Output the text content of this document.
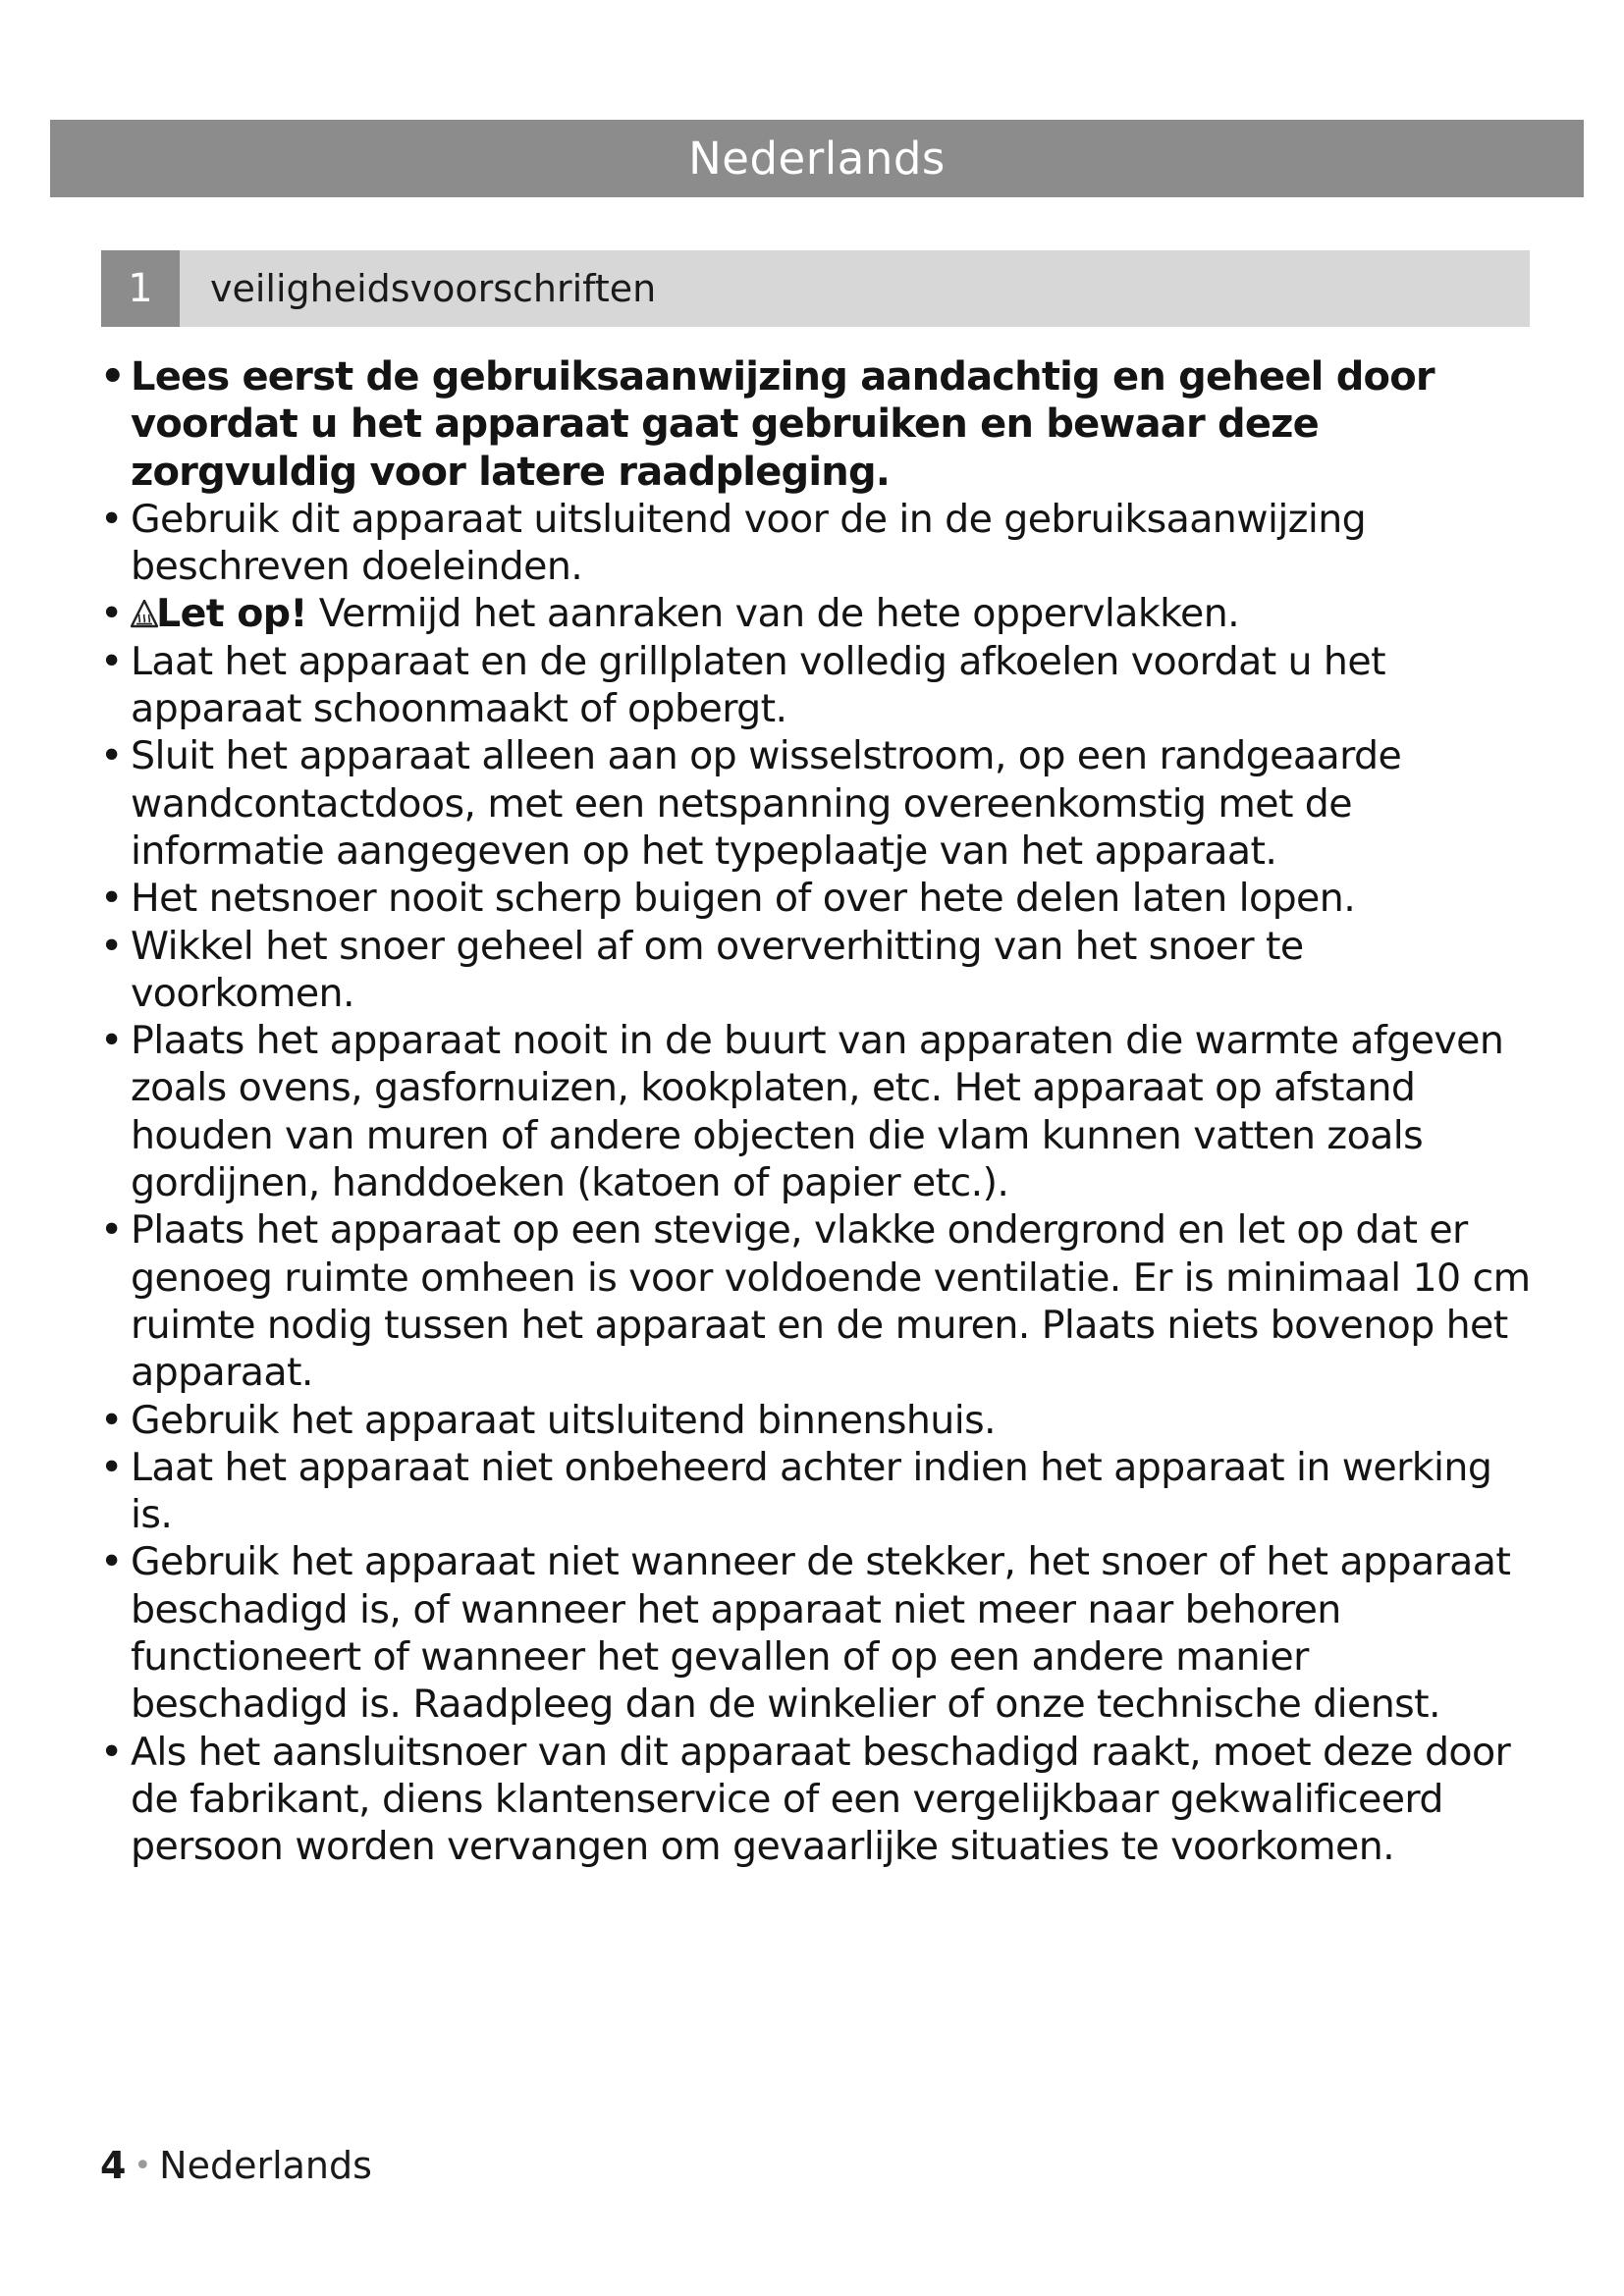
Nederlands
1	veiligheidsvoorschriften
• Lees eerst de gebruiksaanwijzing aandachtig en geheel door voordat u het apparaat gaat gebruiken en bewaar deze zorgvuldig voor latere raadpleging.
• Gebruik dit apparaat uitsluitend voor de in de gebruiksaanwijzing beschreven doeleinden.
• Let op! Vermijd het aanraken van de hete oppervlakken.
• Laat het apparaat en de grillplaten volledig afkoelen voordat u het apparaat schoonmaakt of opbergt.
• Sluit het apparaat alleen aan op wisselstroom, op een randgeaarde wandcontactdoos, met een netspanning overeenkomstig met de informatie aangegeven op het typeplaatje van het apparaat.
• Het netsnoer nooit scherp buigen of over hete delen laten lopen.
• Wikkel het snoer geheel af om oververhitting van het snoer te voorkomen.
• Plaats het apparaat nooit in de buurt van apparaten die warmte afgeven zoals ovens, gasfornuizen, kookplaten, etc. Het apparaat op afstand houden van muren of andere objecten die vlam kunnen vatten zoals gordijnen, handdoeken (katoen of papier etc.).
• Plaats het apparaat op een stevige, vlakke ondergrond en let op dat er genoeg ruimte omheen is voor voldoende ventilatie. Er is minimaal 10 cm ruimte nodig tussen het apparaat en de muren. Plaats niets bovenop het apparaat.
• Gebruik het apparaat uitsluitend binnenshuis.
• Laat het apparaat niet onbeheerd achter indien het apparaat in werking is.
• Gebruik het apparaat niet wanneer de stekker, het snoer of het apparaat beschadigd is, of wanneer het apparaat niet meer naar behoren functioneert of wanneer het gevallen of op een andere manier beschadigd is. Raadpleeg dan de winkelier of onze technische dienst.
• Als het aansluitsnoer van dit apparaat beschadigd raakt, moet deze door de fabrikant, diens klantenservice of een vergelijkbaar gekwalificeerd persoon worden vervangen om gevaarlijke situaties te voorkomen.
4 • Nederlands
